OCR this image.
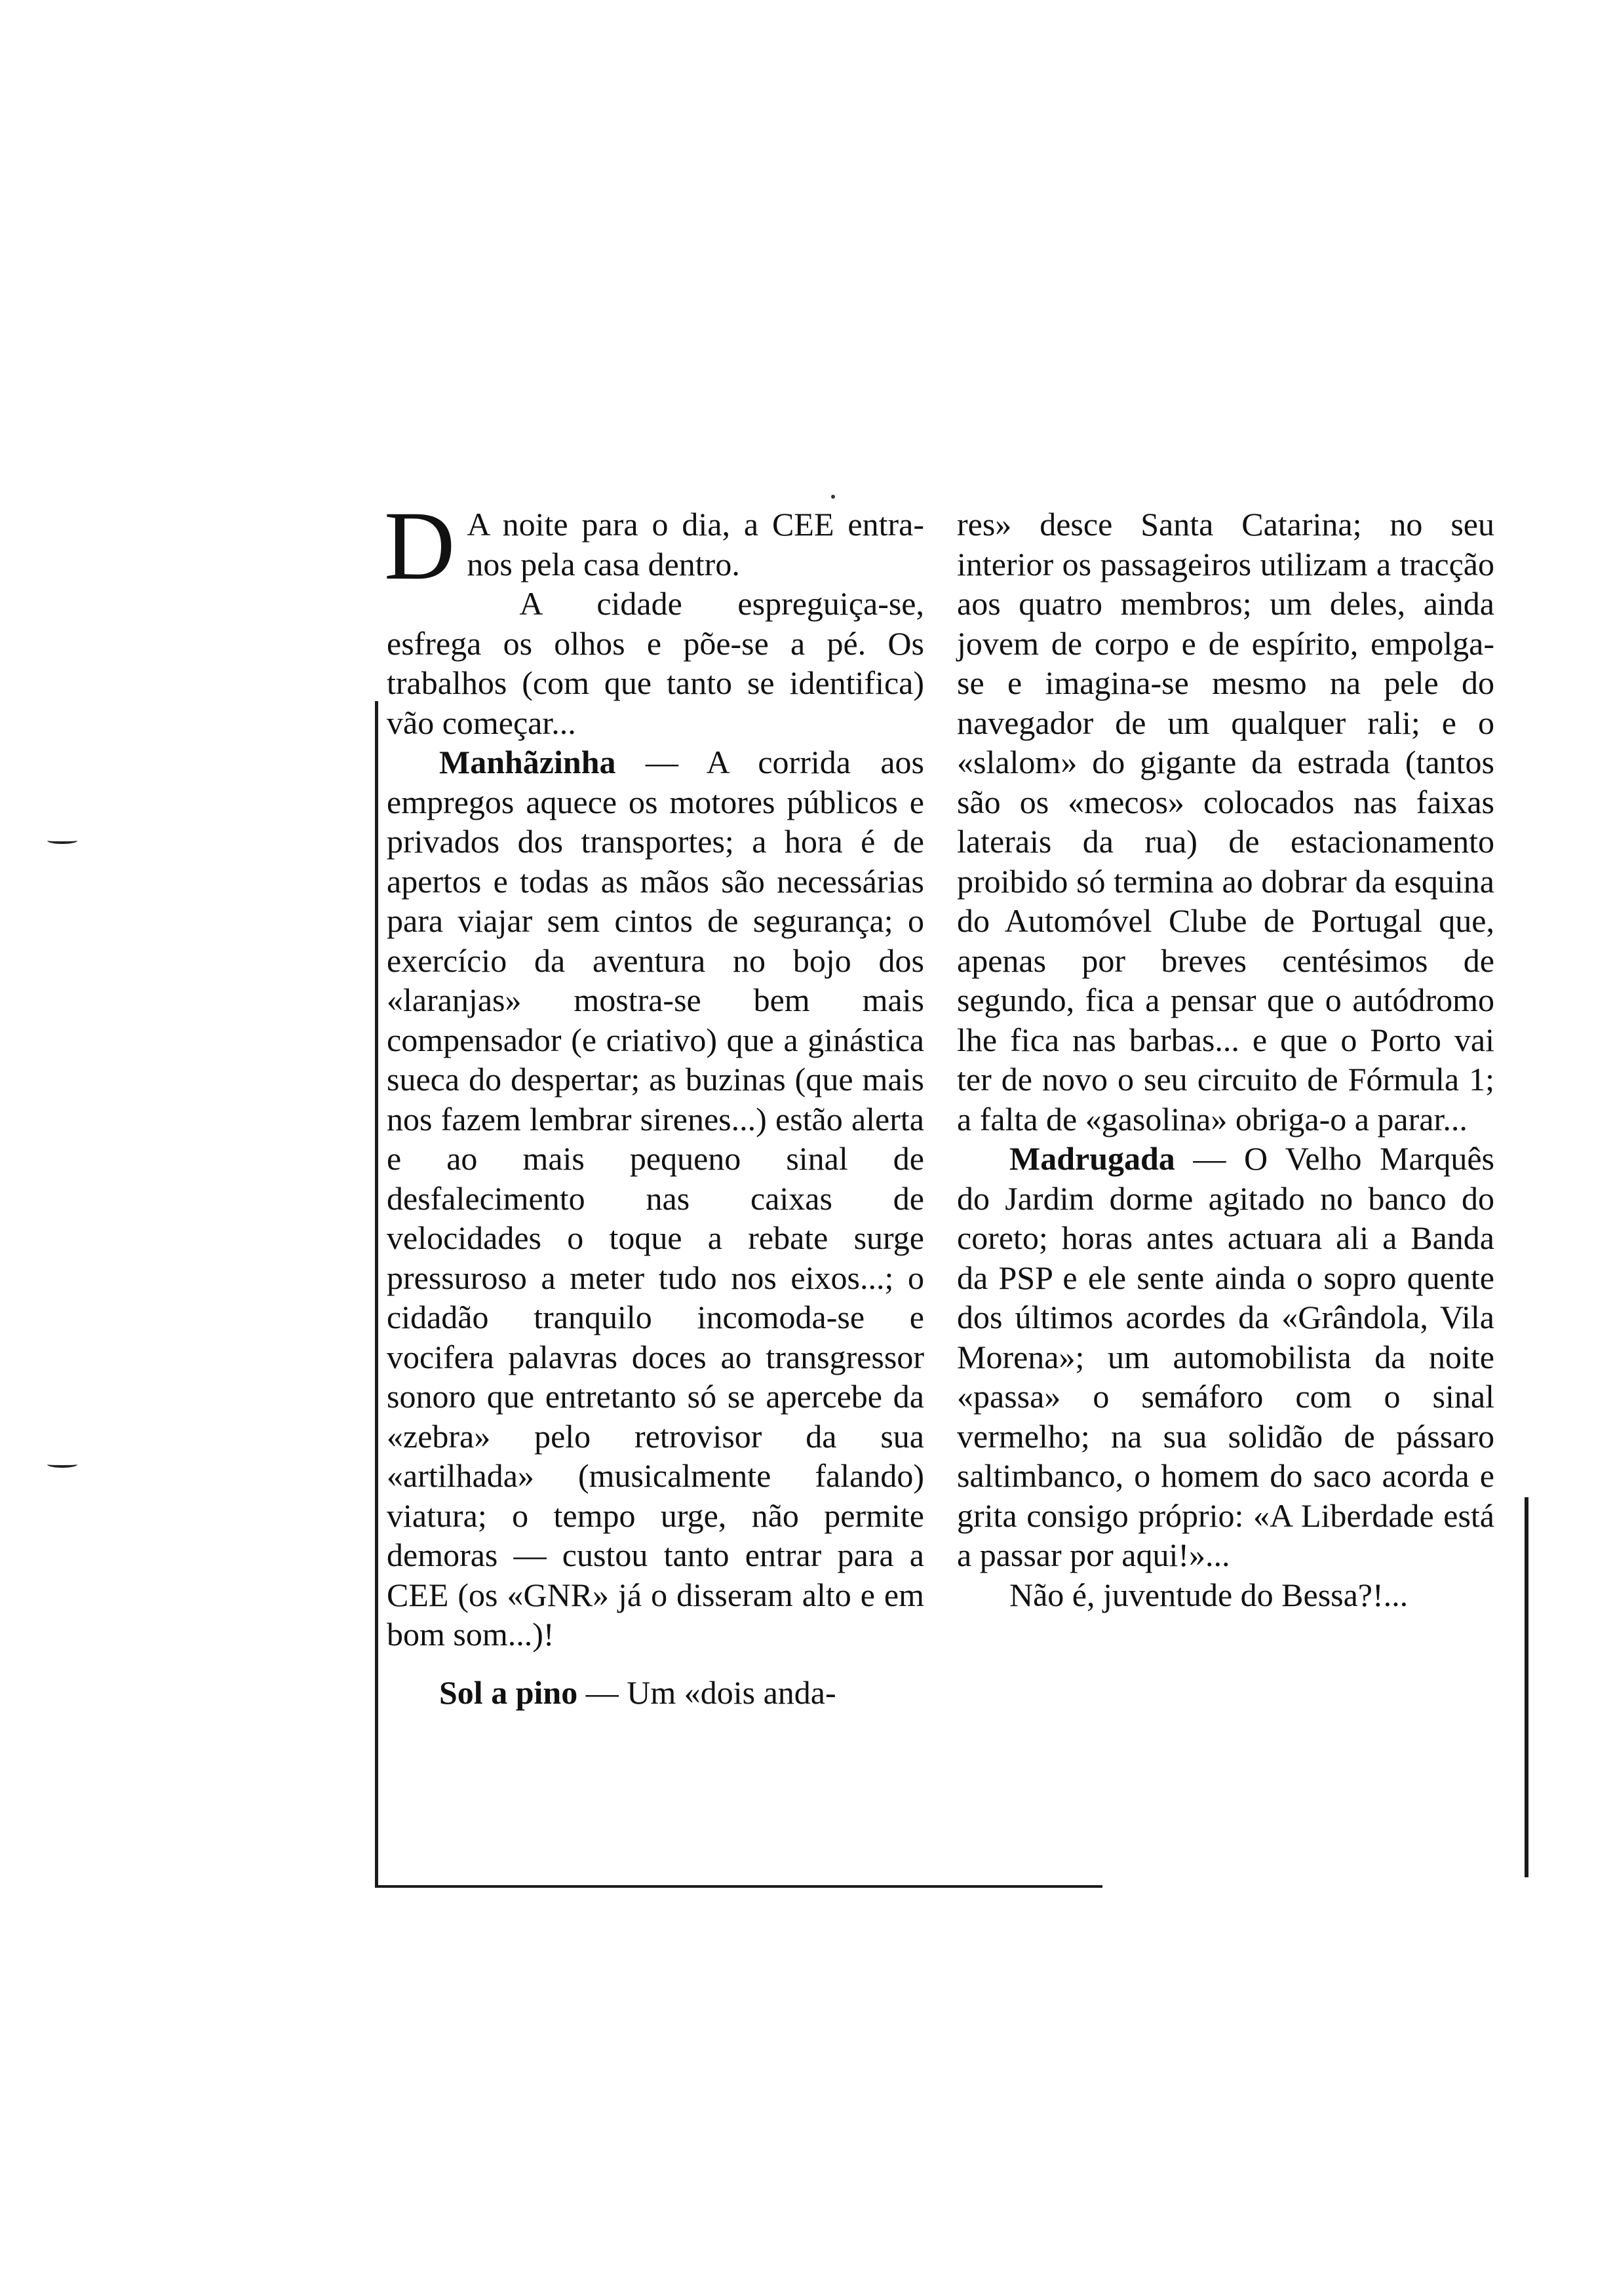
D A noite para o dia, a CEE entra-nos pela casa dentro.

A cidade espreguiça-se, esfrega os olhos e põe-se a pé. Os trabalhos (com que tanto se identifica) vão começar...

Manhãzinha — A corrida aos empregos aquece os motores públicos e privados dos transportes; a hora é de apertos e todas as mãos são necessárias para viajar sem cintos de segurança; o exercício da aventura no bojo dos «laranjas» mostra-se bem mais compensador (e criativo) que a ginástica sueca do despertar; as buzinas (que mais nos fazem lembrar sirenes...) estão alerta e ao mais pequeno sinal de desfalecimento nas caixas de velocidades o toque a rebate surge pressuroso a meter tudo nos eixos...; o cidadão tranquilo incomoda-se e vocifera palavras doces ao transgressor sonoro que entretanto só se apercebe da «zebra» pelo retrovisor da sua «artilhada» (musicalmente falando) viatura; o tempo urge, não permite demoras — custou tanto entrar para a CEE (os «GNR» já o disseram alto e em bom som...)!

Sol a pino — Um «dois anda-

res» desce Santa Catarina; no seu interior os passageiros utilizam a tracção aos quatro membros; um deles, ainda jovem de corpo e de espírito, empolga-se e imagina-se mesmo na pele do navegador de um qualquer rali; e o «slalom» do gigante da estrada (tantos são os «mecos» colocados nas faixas laterais da rua) de estacionamento proibido só termina ao dobrar da esquina do Automóvel Clube de Portugal que, apenas por breves centésimos de segundo, fica a pensar que o autódromo lhe fica nas barbas... e que o Porto vai ter de novo o seu circuito de Fórmula 1; a falta de «gasolina» obriga-o a parar...

Madrugada — O Velho Marquês do Jardim dorme agitado no banco do coreto; horas antes actuara ali a Banda da PSP e ele sente ainda o sopro quente dos últimos acordes da «Grândola, Vila Morena»; um automobilista da noite «passa» o semáforo com o sinal vermelho; na sua solidão de pássaro saltimbanco, o homem do saco acorda e grita consigo próprio: «A Liberdade está a passar por aqui!»...

Não é, juventude do Bessa?!...
